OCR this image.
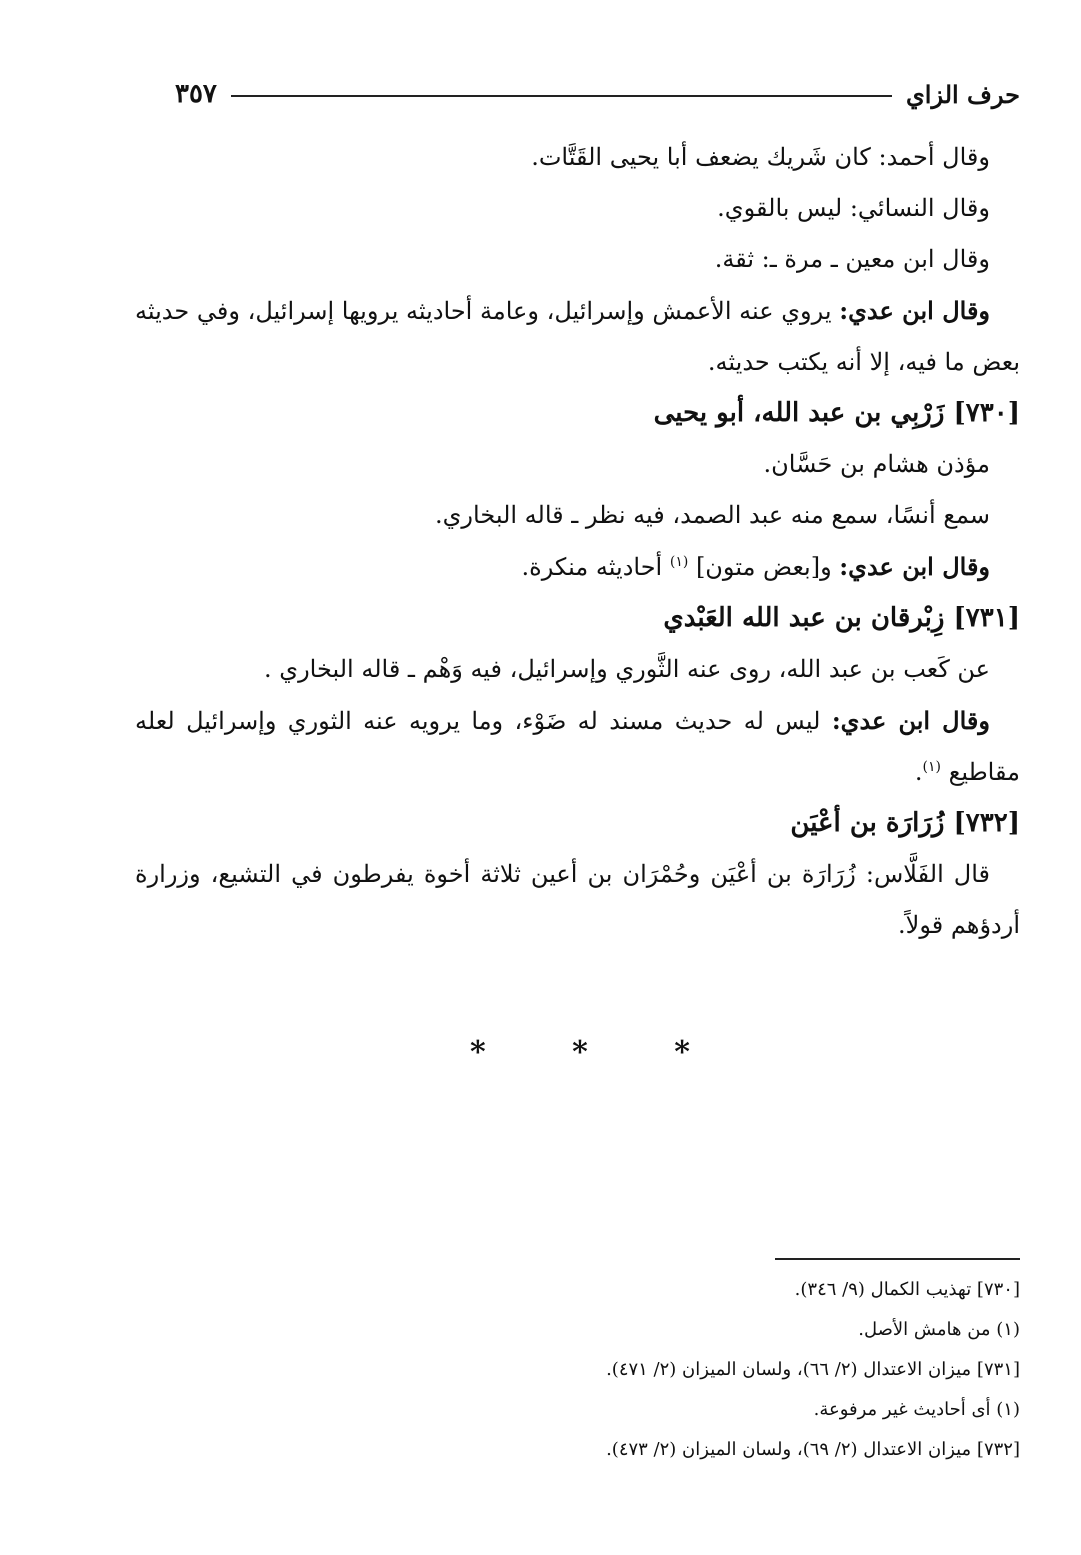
حرف الزاي
٣٥٧

وقال أحمد: كان شَريك يضعف أبا يحيى القَتَّات.

وقال النسائي: ليس بالقوي.

وقال ابن معين ـ مرة ـ: ثقة.

وقال ابن عدي: يروي عنه الأعمش وإسرائيل، وعامة أحاديثه يرويها إسرائيل، وفي حديثه بعض ما فيه، إلا أنه يكتب حديثه.

[٧٣٠] زَرْبِي بن عبد الله، أبو يحيى

مؤذن هشام بن حَسَّان.

سمع أنسًا، سمع منه عبد الصمد، فيه نظر ـ قاله البخاري.

وقال ابن عدي: و[بعض متون] $^{(١)}$ أحاديثه منكرة.

[٧٣١] زِبْرقان بن عبد الله العَبْدي

عن كَعب بن عبد الله، روى عنه الثَّوري وإسرائيل، فيه وَهْم ـ قاله البخاري .

وقال ابن عدي: ليس له حديث مسند له ضَوْء، وما يرويه عنه الثوري وإسرائيل لعله مقاطيع $^{(١)}$.

[٧٣٢] زُرَارَة بن أعْيَن

قال الفَلَّاس: زُرَارَة بن أعْيَن وحُمْرَان بن أعين ثلاثة أخوة يفرطون في التشيع، وزرارة أردؤهم قولاً.

*
*
*

[٧٣٠] تهذيب الكمال (٩/ ٣٤٦).

(١) من هامش الأصل.

[٧٣١] ميزان الاعتدال (٢/ ٦٦)، ولسان الميزان (٢/ ٤٧١).

(١) أى أحاديث غير مرفوعة.

[٧٣٢] ميزان الاعتدال (٢/ ٦٩)، ولسان الميزان (٢/ ٤٧٣).
